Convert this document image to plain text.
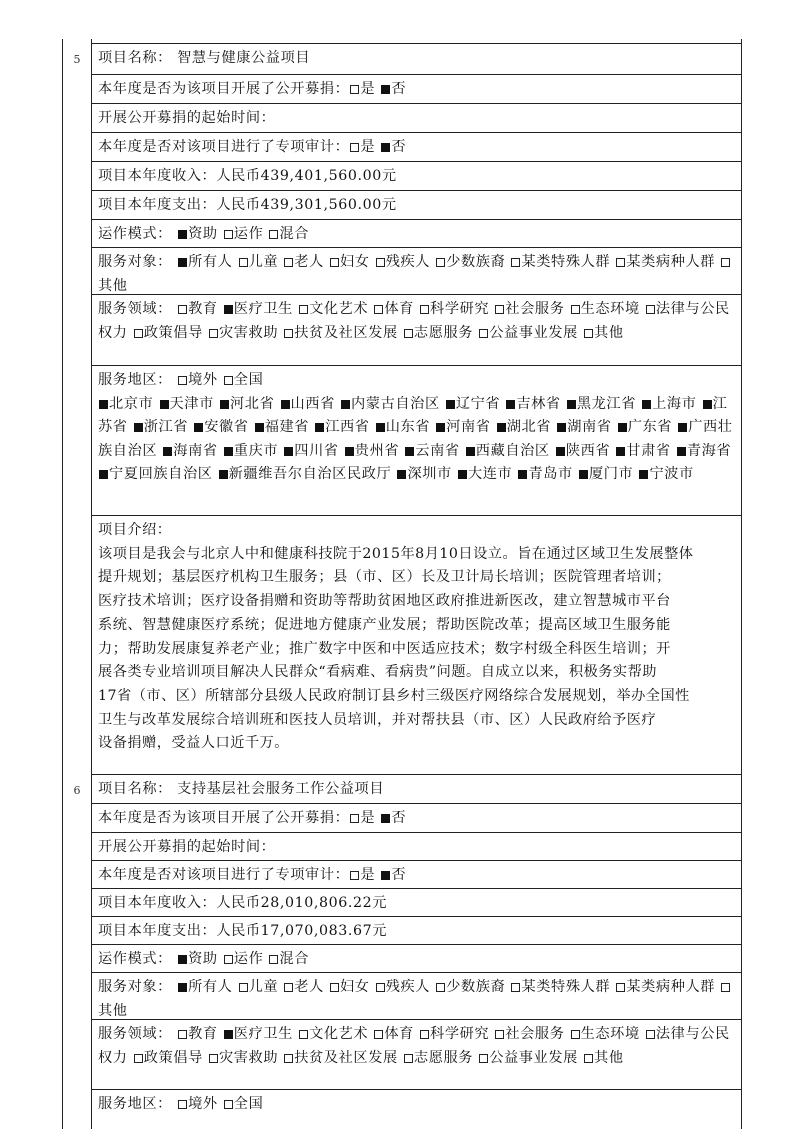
项目名称： 智慧与健康公益项目
本年度是否为该项目开展了公开募捐： 是 否
开展公开募捐的起始时间：
本年度是否对该项目进行了专项审计： 是 否
项目本年度收入：人民币439,401,560.00元
项目本年度支出：人民币439,301,560.00元
运作模式： 资助 运作 混合
服务对象： 所有人 儿童 老人 妇女 残疾人 少数族裔 某类特殊人群 某类病种人群 其他
服务领域： 教育 医疗卫生 文化艺术 体育 科学研究 社会服务 生态环境 法律与公民权力 政策倡导 灾害救助 扶贫及社区发展 志愿服务 公益事业发展 其他
服务地区： 境外 全国
北京市 天津市 河北省 山西省 内蒙古自治区 辽宁省 吉林省 黑龙江省 上海市 江苏省 浙江省 安徽省 福建省 江西省 山东省 河南省 湖北省 湖南省 广东省 广西壮族自治区 海南省 重庆市 四川省 贵州省 云南省 西藏自治区 陕西省 甘肃省 青海省 宁夏回族自治区 新疆维吾尔自治区民政厅 深圳市 大连市 青岛市 厦门市 宁波市
项目介绍：
该项目是我会与北京人中和健康科技院于2015年8月10日设立。旨在通过区域卫生发展整体
提升规划；基层医疗机构卫生服务；县（市、区）长及卫计局长培训；医院管理者培训；
医疗技术培训；医疗设备捐赠和资助等帮助贫困地区政府推进新医改，建立智慧城市平台
系统、智慧健康医疗系统；促进地方健康产业发展；帮助医院改革；提高区域卫生服务能
力；帮助发展康复养老产业；推广数字中医和中医适应技术；数字村级全科医生培训；开
展各类专业培训项目解决人民群众“看病难、看病贵”问题。自成立以来，积极务实帮助
17省（市、区）所辖部分县级人民政府制订县乡村三级医疗网络综合发展规划，举办全国性
卫生与改革发展综合培训班和医技人员培训，并对帮扶县（市、区）人民政府给予医疗
设备捐赠，受益人口近千万。
项目名称： 支持基层社会服务工作公益项目
本年度是否为该项目开展了公开募捐： 是 否
开展公开募捐的起始时间：
本年度是否对该项目进行了专项审计： 是 否
项目本年度收入：人民币28,010,806.22元
项目本年度支出：人民币17,070,083.67元
运作模式： 资助 运作 混合
服务对象： 所有人 儿童 老人 妇女 残疾人 少数族裔 某类特殊人群 某类病种人群 其他
服务领域： 教育 医疗卫生 文化艺术 体育 科学研究 社会服务 生态环境 法律与公民权力 政策倡导 灾害救助 扶贫及社区发展 志愿服务 公益事业发展 其他
服务地区： 境外 全国
5
6
